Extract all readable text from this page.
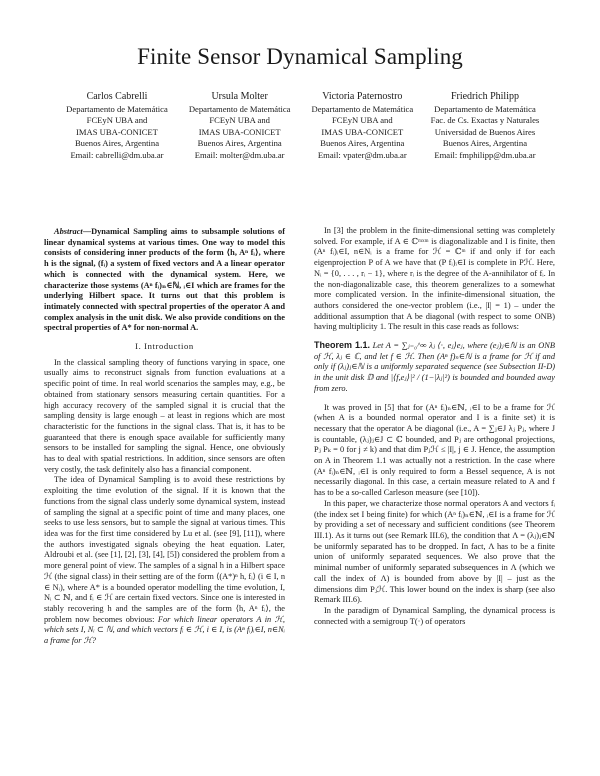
Finite Sensor Dynamical Sampling
Carlos Cabrelli
Departamento de Matemática
FCEyN UBA and
IMAS UBA-CONICET
Buenos Aires, Argentina
Email: cabrelli@dm.uba.ar
Ursula Molter
Departamento de Matemática
FCEyN UBA and
IMAS UBA-CONICET
Buenos Aires, Argentina
Email: molter@dm.uba.ar
Victoria Paternostro
Departamento de Matemática
FCEyN UBA and
IMAS UBA-CONICET
Buenos Aires, Argentina
Email: vpater@dm.uba.ar
Friedrich Philipp
Departamento de Matemática
Fac. de Cs. Exactas y Naturales
Universidad de Buenos Aires
Buenos Aires, Argentina
Email: fmphilipp@dm.uba.ar

Abstract—Dynamical Sampling aims to subsample solutions of linear dynamical systems at various times. One way to model this consists of considering inner products of the form ⟨h, Aⁿ fᵢ⟩, where h is the signal, (fᵢ) a system of fixed vectors and A a linear operator which is connected with the dynamical system. Here, we characterize those systems (Aⁿ fᵢ)ₙ∈ℕ, ᵢ∈I which are frames for the underlying Hilbert space. It turns out that this problem is intimately connected with spectral properties of the operator A and complex analysis in the unit disk. We also provide conditions on the spectral properties of A* for non-normal A.

I. Introduction

In the classical sampling theory of functions varying in space, one usually aims to reconstruct signals from function evaluations at a specific point of time. In real world scenarios the samples may, e.g., be obtained from stationary sensors measuring certain quantities. For a high accuracy recovery of the sampled signal it is crucial that the sampling density is large enough – at least in regions which are most characteristic for the functions in the signal class. That is, it has to be guaranteed that there is enough space available for sufficiently many sensors to be installed for sampling the signal. Hence, one obviously has to deal with spatial restrictions. In addition, since sensors are often very costly, the task definitely also has a financial component.

The idea of Dynamical Sampling is to avoid these restrictions by exploiting the time evolution of the signal. If it is known that the functions from the signal class underly some dynamical system, instead of sampling the signal at a specific point of time and many places, one seeks to use less sensors, but to sample the signal at various times. This idea was for the first time considered by Lu et al. (see [9], [11]), where the authors investigated signals obeying the heat equation. Later, Aldroubi et al. (see [1], [2], [3], [4], [5]) considered the problem from a more general point of view. The samples of a signal h in a Hilbert space ℋ (the signal class) in their setting are of the form ⟨(A*)ⁿ h, fᵢ⟩ (i ∈ I, n ∈ Nᵢ), where A* is a bounded operator modelling the time evolution, I, Nᵢ ⊂ ℕ, and fᵢ ∈ ℋ are certain fixed vectors. Since one is interested in stably recovering h and the samples are of the form ⟨h, Aⁿ fᵢ⟩, the problem now becomes obvious: For which linear operators A in ℋ, which sets I, Nᵢ ⊂ ℕ, and which vectors fᵢ ∈ ℋ, i ∈ I, is (Aⁿ fᵢ)ᵢ∈I, n∈Nᵢ a frame for ℋ?

In [3] the problem in the finite-dimensional setting was completely solved. For example, if A ∈ ℂᵐˣᵐ is diagonalizable and I is finite, then (Aⁿ fᵢ)ᵢ∈I, n∈Nᵢ is a frame for ℋ = ℂᵐ if and only if for each eigenprojection P of A we have that (P fᵢ)ᵢ∈I is complete in Pℋ. Here, Nᵢ = {0, . . . , rᵢ − 1}, where rᵢ is the degree of the A-annihilator of fᵢ. In the non-diagonalizable case, this theorem generalizes to a somewhat more complicated version. In the infinite-dimensional situation, the authors considered the one-vector problem (i.e., |I| = 1) – under the additional assumption that A be diagonal (with respect to some ONB) having multiplicity 1. The result in this case reads as follows:

Theorem 1.1. Let A = ∑ⱼ₌₀^∞ λⱼ ⟨·, eⱼ⟩eⱼ, where (eⱼ)ⱼ∈ℕ is an ONB of ℋ, λⱼ ∈ ℂ, and let f ∈ ℋ. Then (Aⁿ f)ₙ∈ℕ is a frame for ℋ if and only if (λⱼ)ⱼ∈ℕ is a uniformly separated sequence (see Subsection II-D) in the unit disk 𝔻 and |⟨f,eⱼ⟩|² / (1−|λⱼ|²) is bounded and bounded away from zero.

It was proved in [5] that for (Aⁿ fᵢ)ₙ∈ℕ, ᵢ∈I to be a frame for ℋ (when A is a bounded normal operator and I is a finite set) it is necessary that the operator A be diagonal (i.e., A = ∑ⱼ∈J λⱼ Pⱼ, where J is countable, (λⱼ)ⱼ∈J ⊂ ℂ bounded, and Pⱼ are orthogonal projections, Pⱼ Pₖ = 0 for j ≠ k) and that dim Pⱼℋ ≤ |I|, j ∈ J. Hence, the assumption on A in Theorem 1.1 was actually not a restriction. In the case where (Aⁿ fᵢ)ₙ∈ℕ, ᵢ∈I is only required to form a Bessel sequence, A is not necessarily diagonal. In this case, a certain measure related to A and f has to be a so-called Carleson measure (see [10]).

In this paper, we characterize those normal operators A and vectors fᵢ (the index set I being finite) for which (Aⁿ fᵢ)ₙ∈ℕ, ᵢ∈I is a frame for ℋ by providing a set of necessary and sufficient conditions (see Theorem III.1). As it turns out (see Remark III.6), the condition that Λ = (λⱼ)ⱼ∈ℕ be uniformly separated has to be dropped. In fact, Λ has to be a finite union of uniformly separated sequences. We also prove that the minimal number of uniformly separated subsequences in Λ (which we call the index of Λ) is bounded from above by |I| – just as the dimensions dim Pⱼℋ. This lower bound on the index is sharp (see also Remark III.6).

In the paradigm of Dynamical Sampling, the dynamical process is connected with a semigroup T(·) of operators
